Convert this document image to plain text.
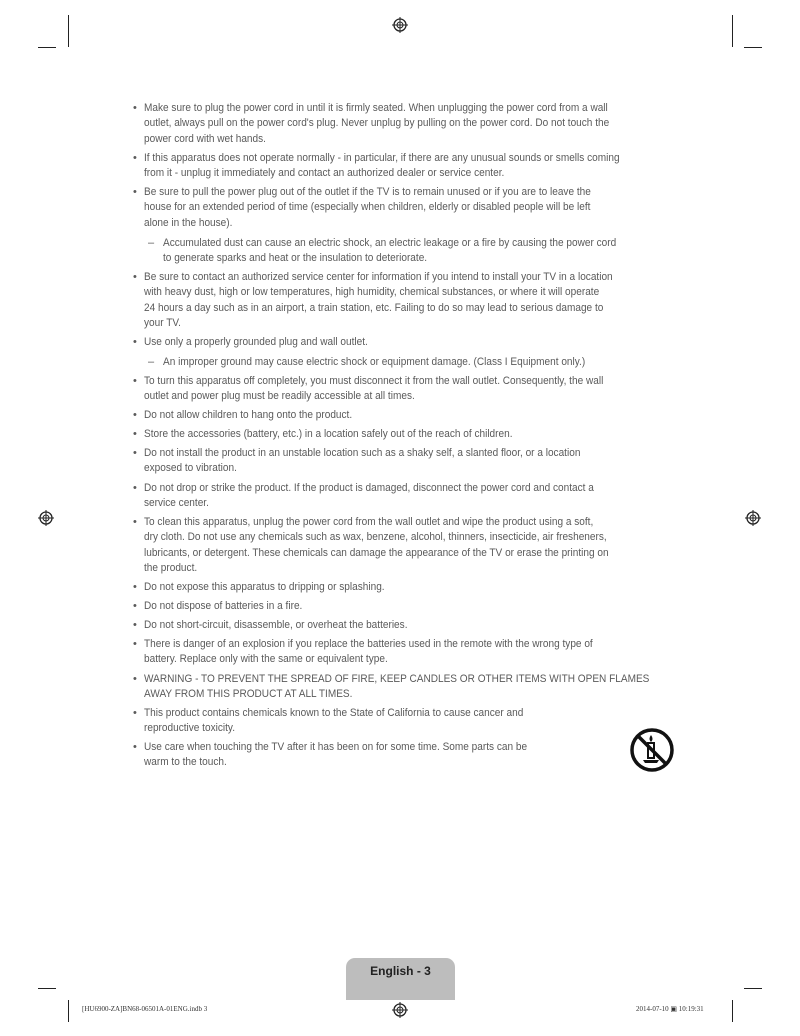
• Make sure to plug the power cord in until it is firmly seated. When unplugging the power cord from a wall
outlet, always pull on the power cord's plug. Never unplug by pulling on the power cord. Do not touch the
power cord with wet hands.
• If this apparatus does not operate normally - in particular, if there are any unusual sounds or smells coming
from it - unplug it immediately and contact an authorized dealer or service center.
• Be sure to pull the power plug out of the outlet if the TV is to remain unused or if you are to leave the
house for an extended period of time (especially when children, elderly or disabled people will be left
alone in the house).
– Accumulated dust can cause an electric shock, an electric leakage or a fire by causing the power cord
to generate sparks and heat or the insulation to deteriorate.
• Be sure to contact an authorized service center for information if you intend to install your TV in a location
with heavy dust, high or low temperatures, high humidity, chemical substances, or where it will operate
24 hours a day such as in an airport, a train station, etc. Failing to do so may lead to serious damage to
your TV.
• Use only a properly grounded plug and wall outlet.
– An improper ground may cause electric shock or equipment damage. (Class I Equipment only.)
• To turn this apparatus off completely, you must disconnect it from the wall outlet. Consequently, the wall
outlet and power plug must be readily accessible at all times.
• Do not allow children to hang onto the product.
• Store the accessories (battery, etc.) in a location safely out of the reach of children.
• Do not install the product in an unstable location such as a shaky self, a slanted floor, or a location
exposed to vibration.
• Do not drop or strike the product. If the product is damaged, disconnect the power cord and contact a
service center.
• To clean this apparatus, unplug the power cord from the wall outlet and wipe the product using a soft,
dry cloth. Do not use any chemicals such as wax, benzene, alcohol, thinners, insecticide, air fresheners,
lubricants, or detergent. These chemicals can damage the appearance of the TV or erase the printing on
the product.
• Do not expose this apparatus to dripping or splashing.
• Do not dispose of batteries in a fire.
• Do not short-circuit, disassemble, or overheat the batteries.
• There is danger of an explosion if you replace the batteries used in the remote with the wrong type of
battery. Replace only with the same or equivalent type.
• WARNING - TO PREVENT THE SPREAD OF FIRE, KEEP CANDLES OR OTHER ITEMS WITH OPEN FLAMES
AWAY FROM THIS PRODUCT AT ALL TIMES.
• This product contains chemicals known to the State of California to cause cancer and
reproductive toxicity.
• Use care when touching the TV after it has been on for some time. Some parts can be
warm to the touch.
English - 3
[HU6900-ZA]BN68-06501A-01ENG.indb 3	2014-07-10 ▣ 10:19:31
